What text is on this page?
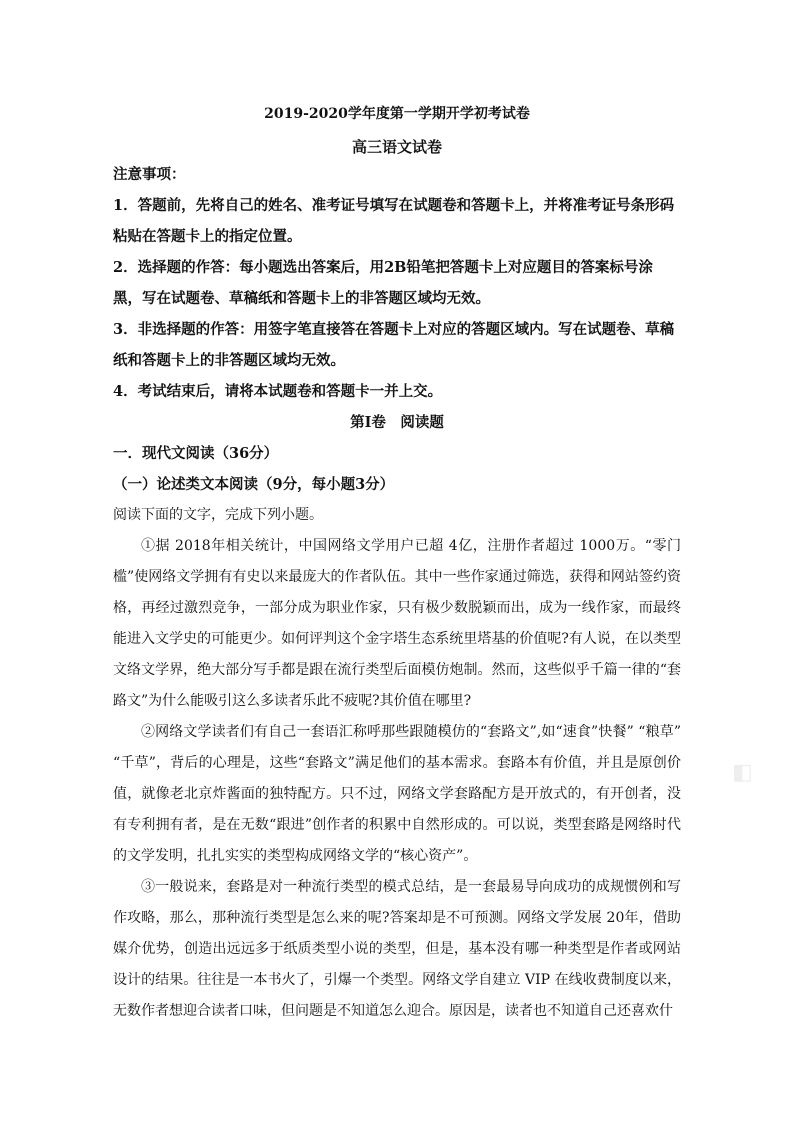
2019-2020学年度第一学期开学初考试卷
高三语文试卷
注意事项：
1．答题前，先将自己的姓名、准考证号填写在试题卷和答题卡上，并将准考证号条形码粘贴在答题卡上的指定位置。
2．选择题的作答：每小题选出答案后，用2B铅笔把答题卡上对应题目的答案标号涂黑，写在试题卷、草稿纸和答题卡上的非答题区域均无效。
3．非选择题的作答：用签字笔直接答在答题卡上对应的答题区域内。写在试题卷、草稿纸和答题卡上的非答题区域均无效。
4．考试结束后，请将本试题卷和答题卡一并上交。
第Ⅰ卷　阅读题
一．现代文阅读（36分）
（一）论述类文本阅读（9分，每小题3分）
阅读下面的文字，完成下列小题。

①据 2018年相关统计，中国网络文学用户已超 4亿，注册作者超过 1000万。“零门槛”使网络文学拥有有史以来最庞大的作者队伍。其中一些作家通过筛选，获得和网站签约资格，再经过激烈竞争，一部分成为职业作家，只有极少数脱颖而出，成为一线作家，而最终能进入文学史的可能更少。如何评判这个金字塔生态系统里塔基的价值呢?有人说，在以类型文络文学界，绝大部分写手都是跟在流行类型后面模仿炮制。然而，这些似乎千篇一律的“套路文”为什么能吸引这么多读者乐此不疲呢?其价值在哪里?

②网络文学读者们有自己一套语汇称呼那些跟随模仿的“套路文”,如“速食”快餐” “粮草” “千草”，背后的心理是，这些“套路文”满足他们的基本需求。套路本有价值，并且是原创价值，就像老北京炸酱面的独特配方。只不过，网络文学套路配方是开放式的，有开创者，没有专利拥有者，是在无数“跟进”创作者的积累中自然形成的。可以说，类型套路是网络时代的文学发明，扎扎实实的类型构成网络文学的“核心资产”。

③一般说来，套路是对一种流行类型的模式总结，是一套最易导向成功的成规惯例和写作攻略，那么，那种流行类型是怎么来的呢?答案却是不可预测。网络文学发展 20年，借助媒介优势，创造出远远多于纸质类型小说的类型，但是，基本没有哪一种类型是作者或网站设计的结果。往往是一本书火了，引爆一个类型。网络文学自建立 VIP 在线收费制度以来，无数作者想迎合读者口味，但问题是不知道怎么迎合。原因是，读者也不知道自己还喜欢什

◧
